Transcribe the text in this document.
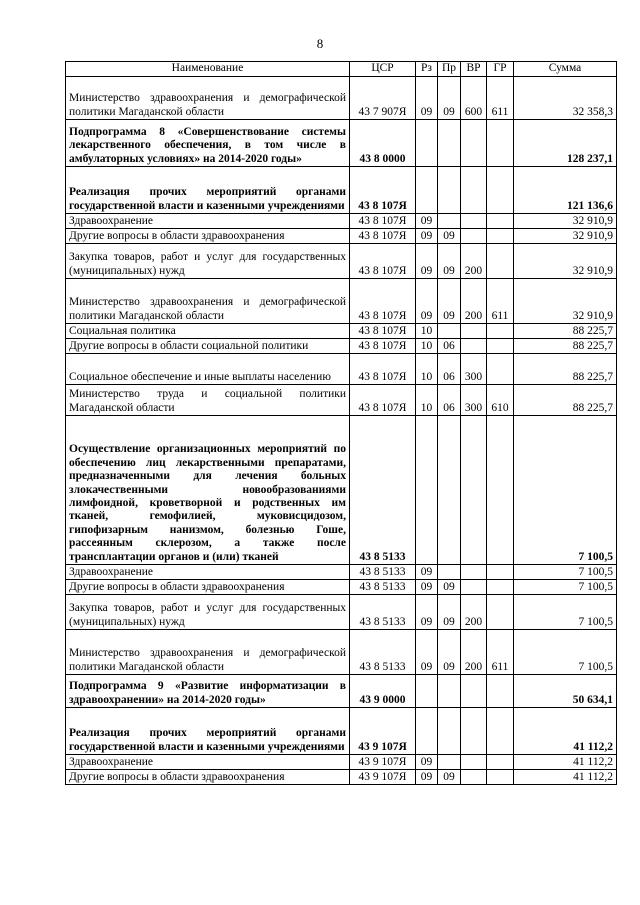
8
Наименование	ЦСР	Рз	Пр	ВР	ГР	Сумма
Министерство здравоохранения и демографической политики Магаданской области	43 7 907Я	09	09	600	611	32 358,3
Подпрограмма 8 «Совершенствование системы лекарственного обеспечения, в том числе в амбулаторных условиях» на 2014-2020 годы»	43 8 0000					128 237,1
Реализация прочих мероприятий органами государственной власти и казенными учреждениями	43 8 107Я					121 136,6
Здравоохранение	43 8 107Я	09				32 910,9
Другие вопросы в области здравоохранения	43 8 107Я	09	09			32 910,9
Закупка товаров, работ и услуг для государственных (муниципальных) нужд	43 8 107Я	09	09	200		32 910,9
Министерство здравоохранения и демографической политики Магаданской области	43 8 107Я	09	09	200	611	32 910,9
Социальная политика	43 8 107Я	10				88 225,7
Другие вопросы в области социальной политики	43 8 107Я	10	06			88 225,7
Социальное обеспечение и иные выплаты населению	43 8 107Я	10	06	300		88 225,7
Министерство труда и социальной политики Магаданской области	43 8 107Я	10	06	300	610	88 225,7
Осуществление организационных мероприятий по обеспечению лиц лекарственными препаратами, предназначенными для лечения больных злокачественными новообразованиями лимфоидной, кроветворной и родственных им тканей, гемофилией, муковисцидозом, гипофизарным нанизмом, болезнью Гоше, рассеянным склерозом, а также после трансплантации органов и (или) тканей	43 8 5133					7 100,5
Здравоохранение	43 8 5133	09				7 100,5
Другие вопросы в области здравоохранения	43 8 5133	09	09			7 100,5
Закупка товаров, работ и услуг для государственных (муниципальных) нужд	43 8 5133	09	09	200		7 100,5
Министерство здравоохранения и демографической политики Магаданской области	43 8 5133	09	09	200	611	7 100,5
Подпрограмма 9 «Развитие информатизации в здравоохранении» на 2014-2020 годы»	43 9 0000					50 634,1
Реализация прочих мероприятий органами государственной власти и казенными учреждениями	43 9 107Я					41 112,2
Здравоохранение	43 9 107Я	09				41 112,2
Другие вопросы в области здравоохранения	43 9 107Я	09	09			41 112,2
